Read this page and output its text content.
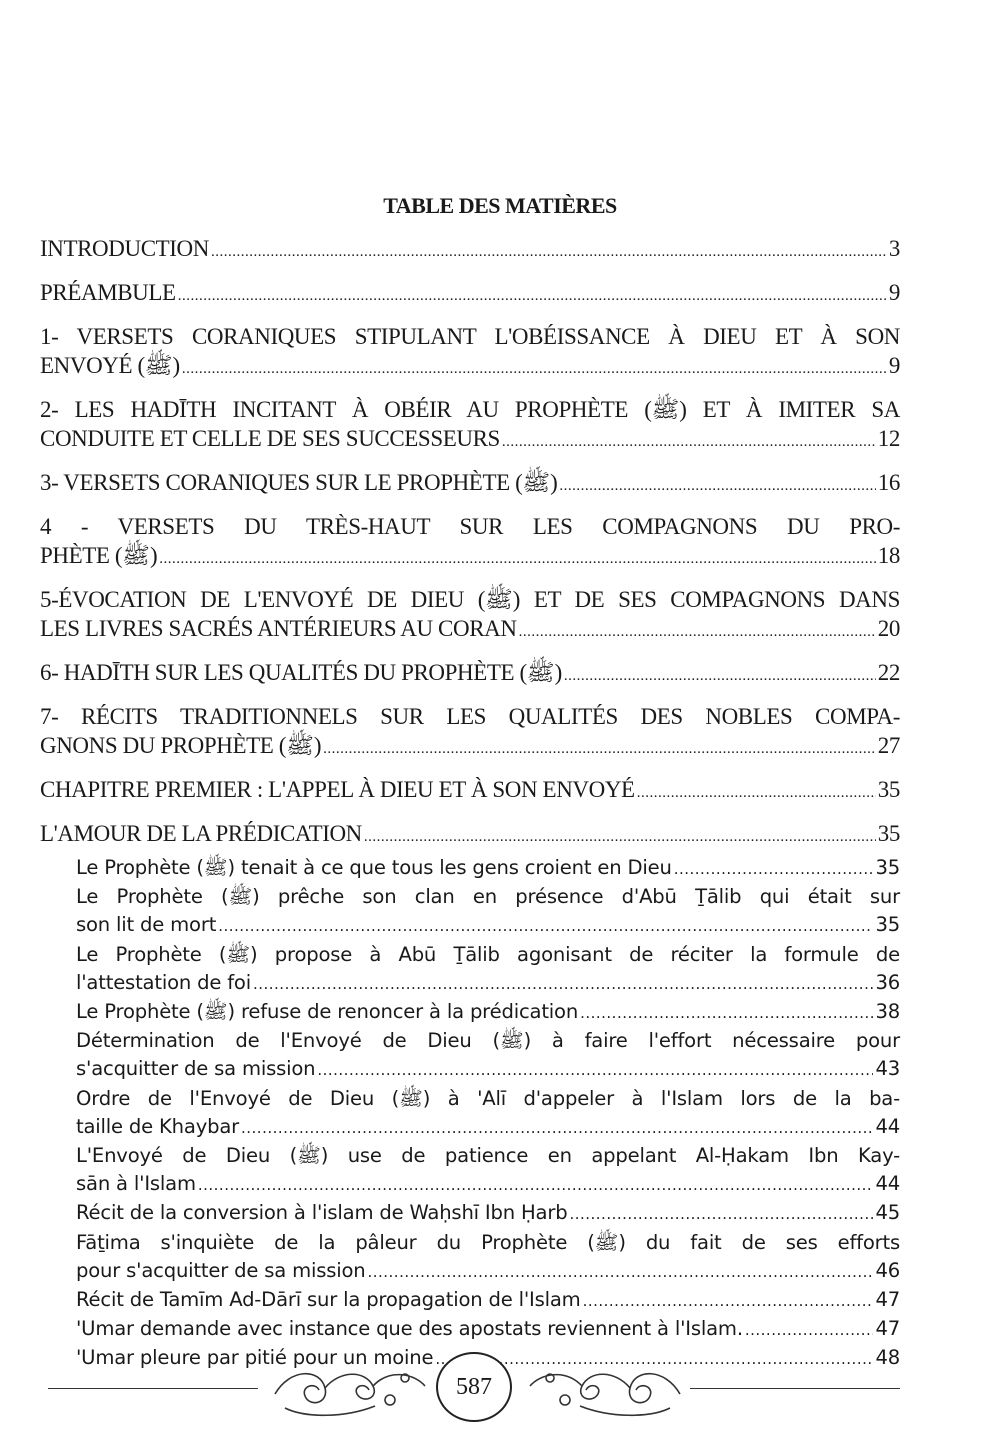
TABLE DES MATIÈRES
INTRODUCTION .....	3
PRÉAMBULE .....	9
1- VERSETS CORANIQUES STIPULANT L'OBÉISSANCE À DIEU ET À SON
ENVOYÉ (ﷺ) .....	9
2- LES HADĪTH INCITANT À OBÉIR AU PROPHÈTE (ﷺ) ET À IMITER SA
CONDUITE ET CELLE DE SES SUCCESSEURS .....	12
3- VERSETS CORANIQUES SUR LE PROPHÈTE (ﷺ) .....	16
4 - VERSETS DU TRÈS-HAUT SUR LES COMPAGNONS DU PRO-
PHÈTE (ﷺ) .....	18
5-ÉVOCATION DE L'ENVOYÉ DE DIEU (ﷺ) ET DE SES COMPAGNONS DANS
LES LIVRES SACRÉS ANTÉRIEURS AU CORAN .....	20
6- HADĪTH SUR LES QUALITÉS DU PROPHÈTE (ﷺ) .....	22
7- RÉCITS TRADITIONNELS SUR LES QUALITÉS DES NOBLES COMPA-
GNONS DU PROPHÈTE (ﷺ) .....	27
CHAPITRE PREMIER : L'APPEL À DIEU ET À SON ENVOYÉ .....	35
L'AMOUR DE LA PRÉDICATION .....	35
Le Prophète (ﷺ) tenait à ce que tous les gens croient en Dieu .....	35
Le Prophète (ﷺ) prêche son clan en présence d'Abū Ṯālib qui était sur
son lit de mort .....	35
Le Prophète (ﷺ) propose à Abū Ṯālib agonisant de réciter la formule de
l'attestation de foi .....	36
Le Prophète (ﷺ) refuse de renoncer à la prédication .....	38
Détermination de l'Envoyé de Dieu (ﷺ) à faire l'effort nécessaire pour
s'acquitter de sa mission .....	43
Ordre de l'Envoyé de Dieu (ﷺ) à 'Alī d'appeler à l'Islam lors de la ba-
taille de Khaybar .....	44
L'Envoyé de Dieu (ﷺ) use de patience en appelant Al-Ḥakam Ibn Kay-
sān à l'Islam .....	44
Récit de la conversion à l'islam de Waḥshī Ibn Ḥarb .....	45
Fāṯima s'inquiète de la pâleur du Prophète (ﷺ) du fait de ses efforts
pour s'acquitter de sa mission .....	46
Récit de Tamīm Ad-Dārī sur la propagation de l'Islam .....	47
'Umar demande avec instance que des apostats reviennent à l'Islam. .....	47
'Umar pleure par pitié pour un moine .....	48
587
